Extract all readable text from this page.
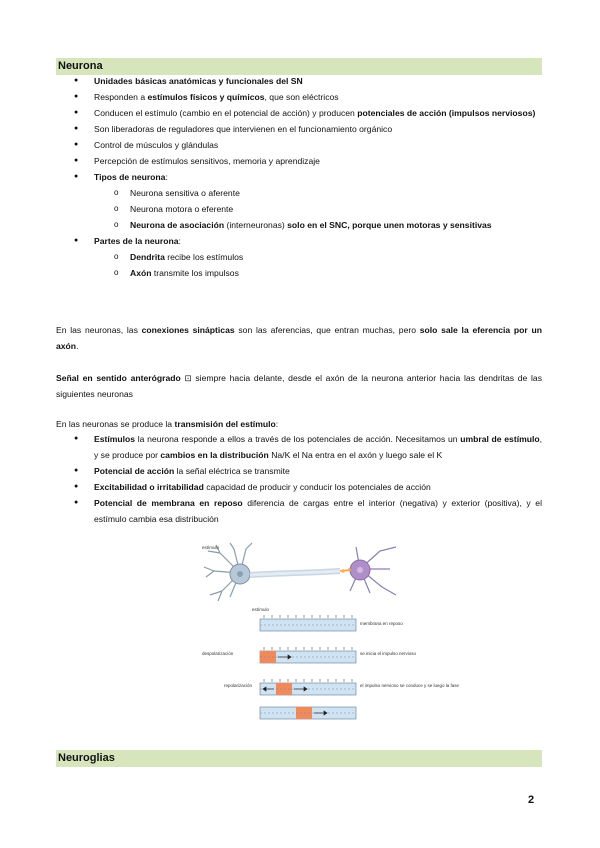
Neurona
● Unidades básicas anatómicas y funcionales del SN
● Responden a estímulos físicos y químicos, que son eléctricos
● Conducen el estímulo (cambio en el potencial de acción) y producen potenciales de acción (impulsos nerviosos)
● Son liberadoras de reguladores que intervienen en el funcionamiento orgánico
● Control de músculos y glándulas
● Percepción de estímulos sensitivos, memoria y aprendizaje
● Tipos de neurona:
o Neurona sensitiva o aferente
o Neurona motora o eferente
o Neurona de asociación (interneuronas) solo en el SNC, porque unen motoras y sensitivas
● Partes de la neurona:
o Dendrita recibe los estímulos
o Axón transmite los impulsos

En las neuronas, las conexiones sinápticas son las aferencias, que entran muchas, pero solo sale la eferencia por un axón.

Señal en sentido anterógrado ⊡ siempre hacia delante, desde el axón de la neurona anterior hacia las dendritas de las siguientes neuronas

En las neuronas se produce la transmisión del estímulo:

● Estímulos la neurona responde a ellos a través de los potenciales de acción. Necesitamos un umbral de estímulo, y se produce por cambios en la distribución Na/K el Na entra en el axón y luego sale el K
● Potencial de acción la señal eléctrica se transmite
● Excitabilidad o irritabilidad capacidad de producir y conducir los potenciales de acción
● Potencial de membrana en reposo diferencia de cargas entre el interior (negativa) y exterior (positiva), y el estímulo cambia esa distribución
estímulo
estímulo
membrana en reposo
despolarización	se inicia el impulso nervioso
repolarización	el impulso nervioso se conduce y se luego la fase
Neuroglias
2
